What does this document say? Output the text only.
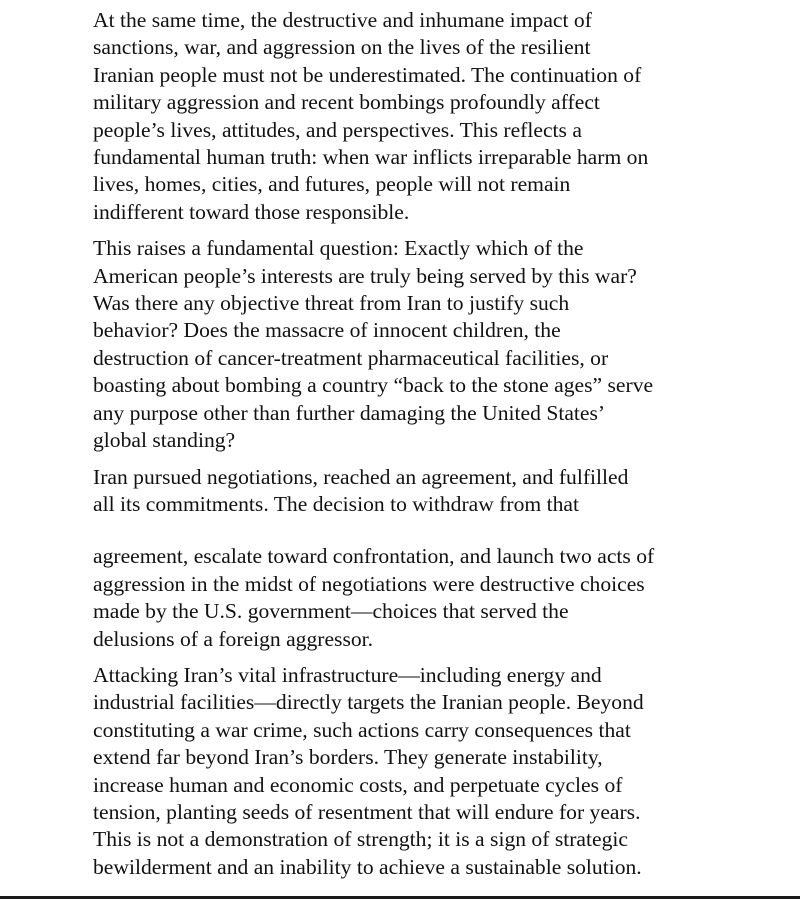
At the same time, the destructive and inhumane impact of
sanctions, war, and aggression on the lives of the resilient
Iranian people must not be underestimated. The continuation of
military aggression and recent bombings profoundly affect
people’s lives, attitudes, and perspectives. This reflects a
fundamental human truth: when war inflicts irreparable harm on
lives, homes, cities, and futures, people will not remain
indifferent toward those responsible.

This raises a fundamental question: Exactly which of the
American people’s interests are truly being served by this war?
Was there any objective threat from Iran to justify such
behavior? Does the massacre of innocent children, the
destruction of cancer-treatment pharmaceutical facilities, or
boasting about bombing a country “back to the stone ages” serve
any purpose other than further damaging the United States’
global standing?

Iran pursued negotiations, reached an agreement, and fulfilled
all its commitments. The decision to withdraw from that

agreement, escalate toward confrontation, and launch two acts of
aggression in the midst of negotiations were destructive choices
made by the U.S. government—choices that served the
delusions of a foreign aggressor.

Attacking Iran’s vital infrastructure—including energy and
industrial facilities—directly targets the Iranian people. Beyond
constituting a war crime, such actions carry consequences that
extend far beyond Iran’s borders. They generate instability,
increase human and economic costs, and perpetuate cycles of
tension, planting seeds of resentment that will endure for years.
This is not a demonstration of strength; it is a sign of strategic
bewilderment and an inability to achieve a sustainable solution.
